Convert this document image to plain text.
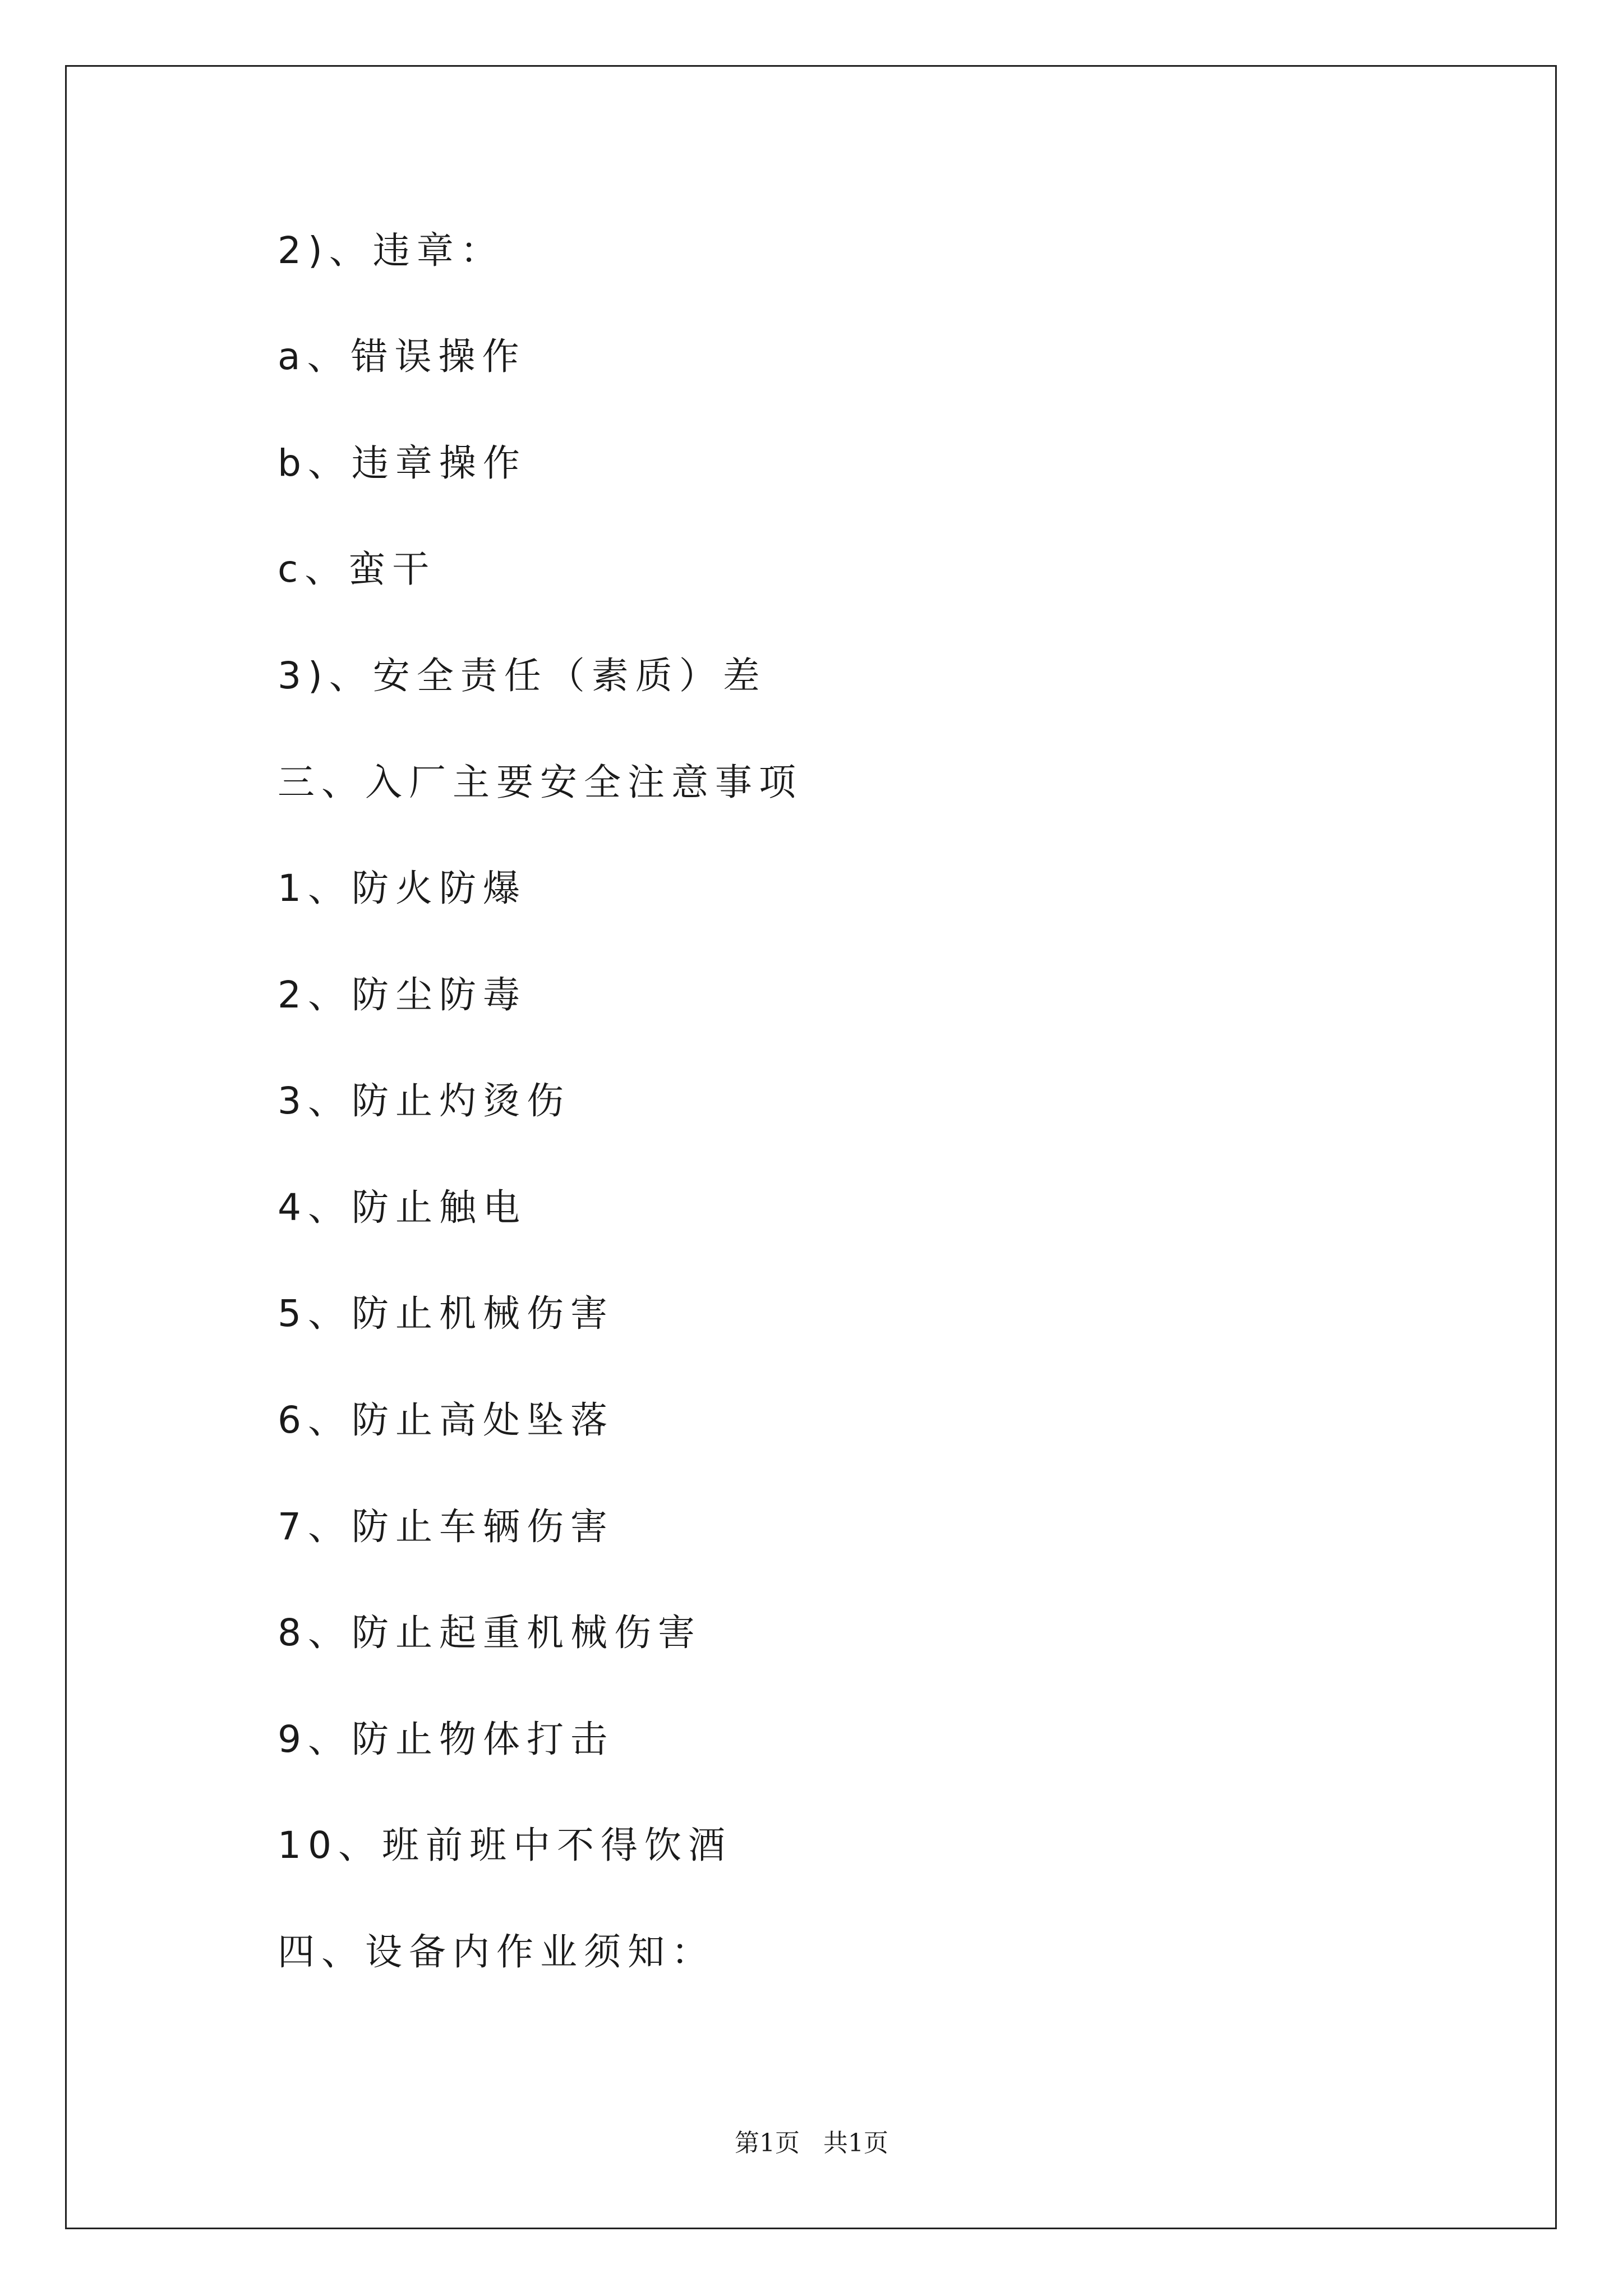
2)、违章：
a、错误操作
b、违章操作
c、蛮干
3)、安全责任（素质）差
三、入厂主要安全注意事项
1、防火防爆
2、防尘防毒
3、防止灼烫伤
4、防止触电
5、防止机械伤害
6、防止高处坠落
7、防止车辆伤害
8、防止起重机械伤害
9、防止物体打击
10、班前班中不得饮酒
四、设备内作业须知：
第1页   共1页
